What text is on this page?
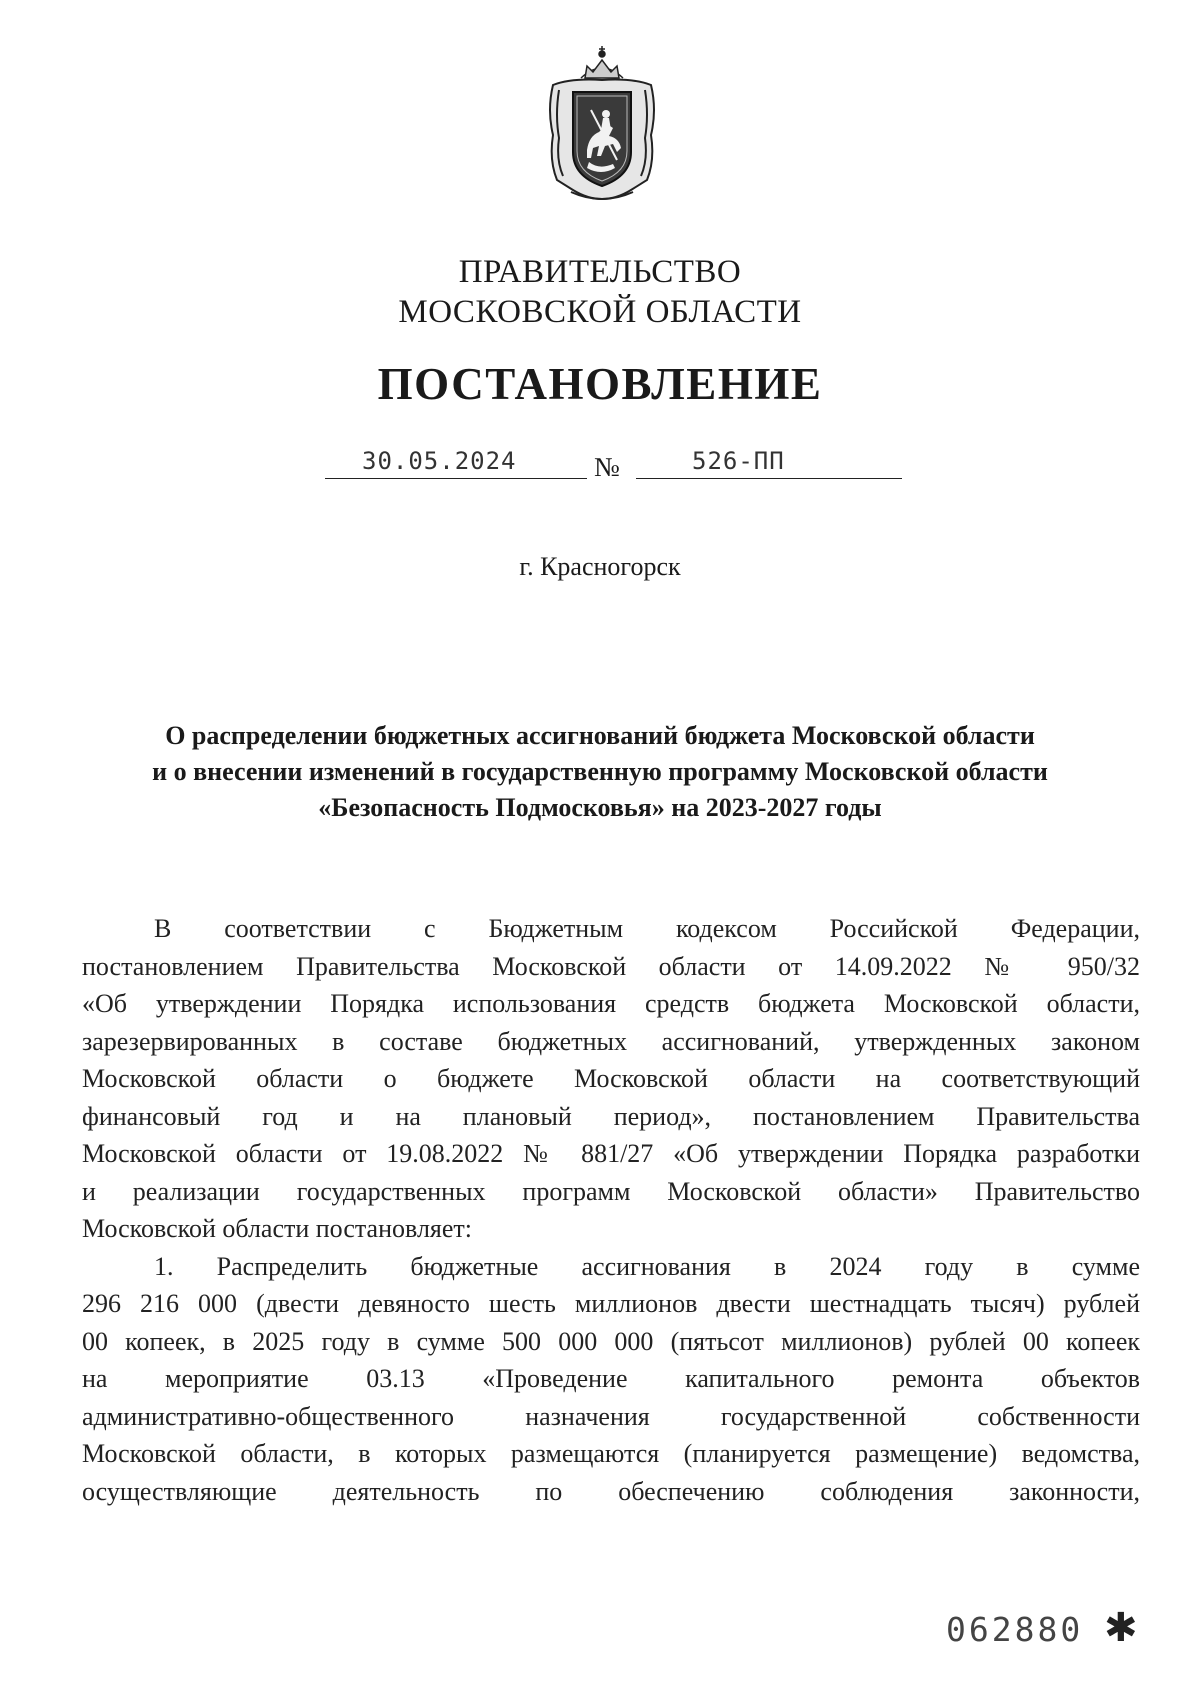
ПРАВИТЕЛЬСТВО
МОСКОВСКОЙ ОБЛАСТИ
ПОСТАНОВЛЕНИЕ
30.05.2024	№	526-ПП
г. Красногорск
О распределении бюджетных ассигнований бюджета Московской области
и о внесении изменений в государственную программу Московской области
«Безопасность Подмосковья» на 2023-2027 годы
В соответствии с Бюджетным кодексом Российской Федерации,
постановлением Правительства Московской области от 14.09.2022 № 950/32
«Об утверждении Порядка использования средств бюджета Московской области,
зарезервированных в составе бюджетных ассигнований, утвержденных законом
Московской области о бюджете Московской области на соответствующий
финансовый год и на плановый период», постановлением Правительства
Московской области от 19.08.2022 № 881/27 «Об утверждении Порядка разработки
и реализации государственных программ Московской области» Правительство
Московской области постановляет:
1. Распределить бюджетные ассигнования в 2024 году в сумме
296 216 000 (двести девяносто шесть миллионов двести шестнадцать тысяч) рублей
00 копеек, в 2025 году в сумме 500 000 000 (пятьсот миллионов) рублей 00 копеек
на мероприятие 03.13 «Проведение капитального ремонта объектов
административно-общественного назначения государственной собственности
Московской области, в которых размещаются (планируется размещение) ведомства,
осуществляющие деятельность по обеспечению соблюдения законности,
062880 ✱
